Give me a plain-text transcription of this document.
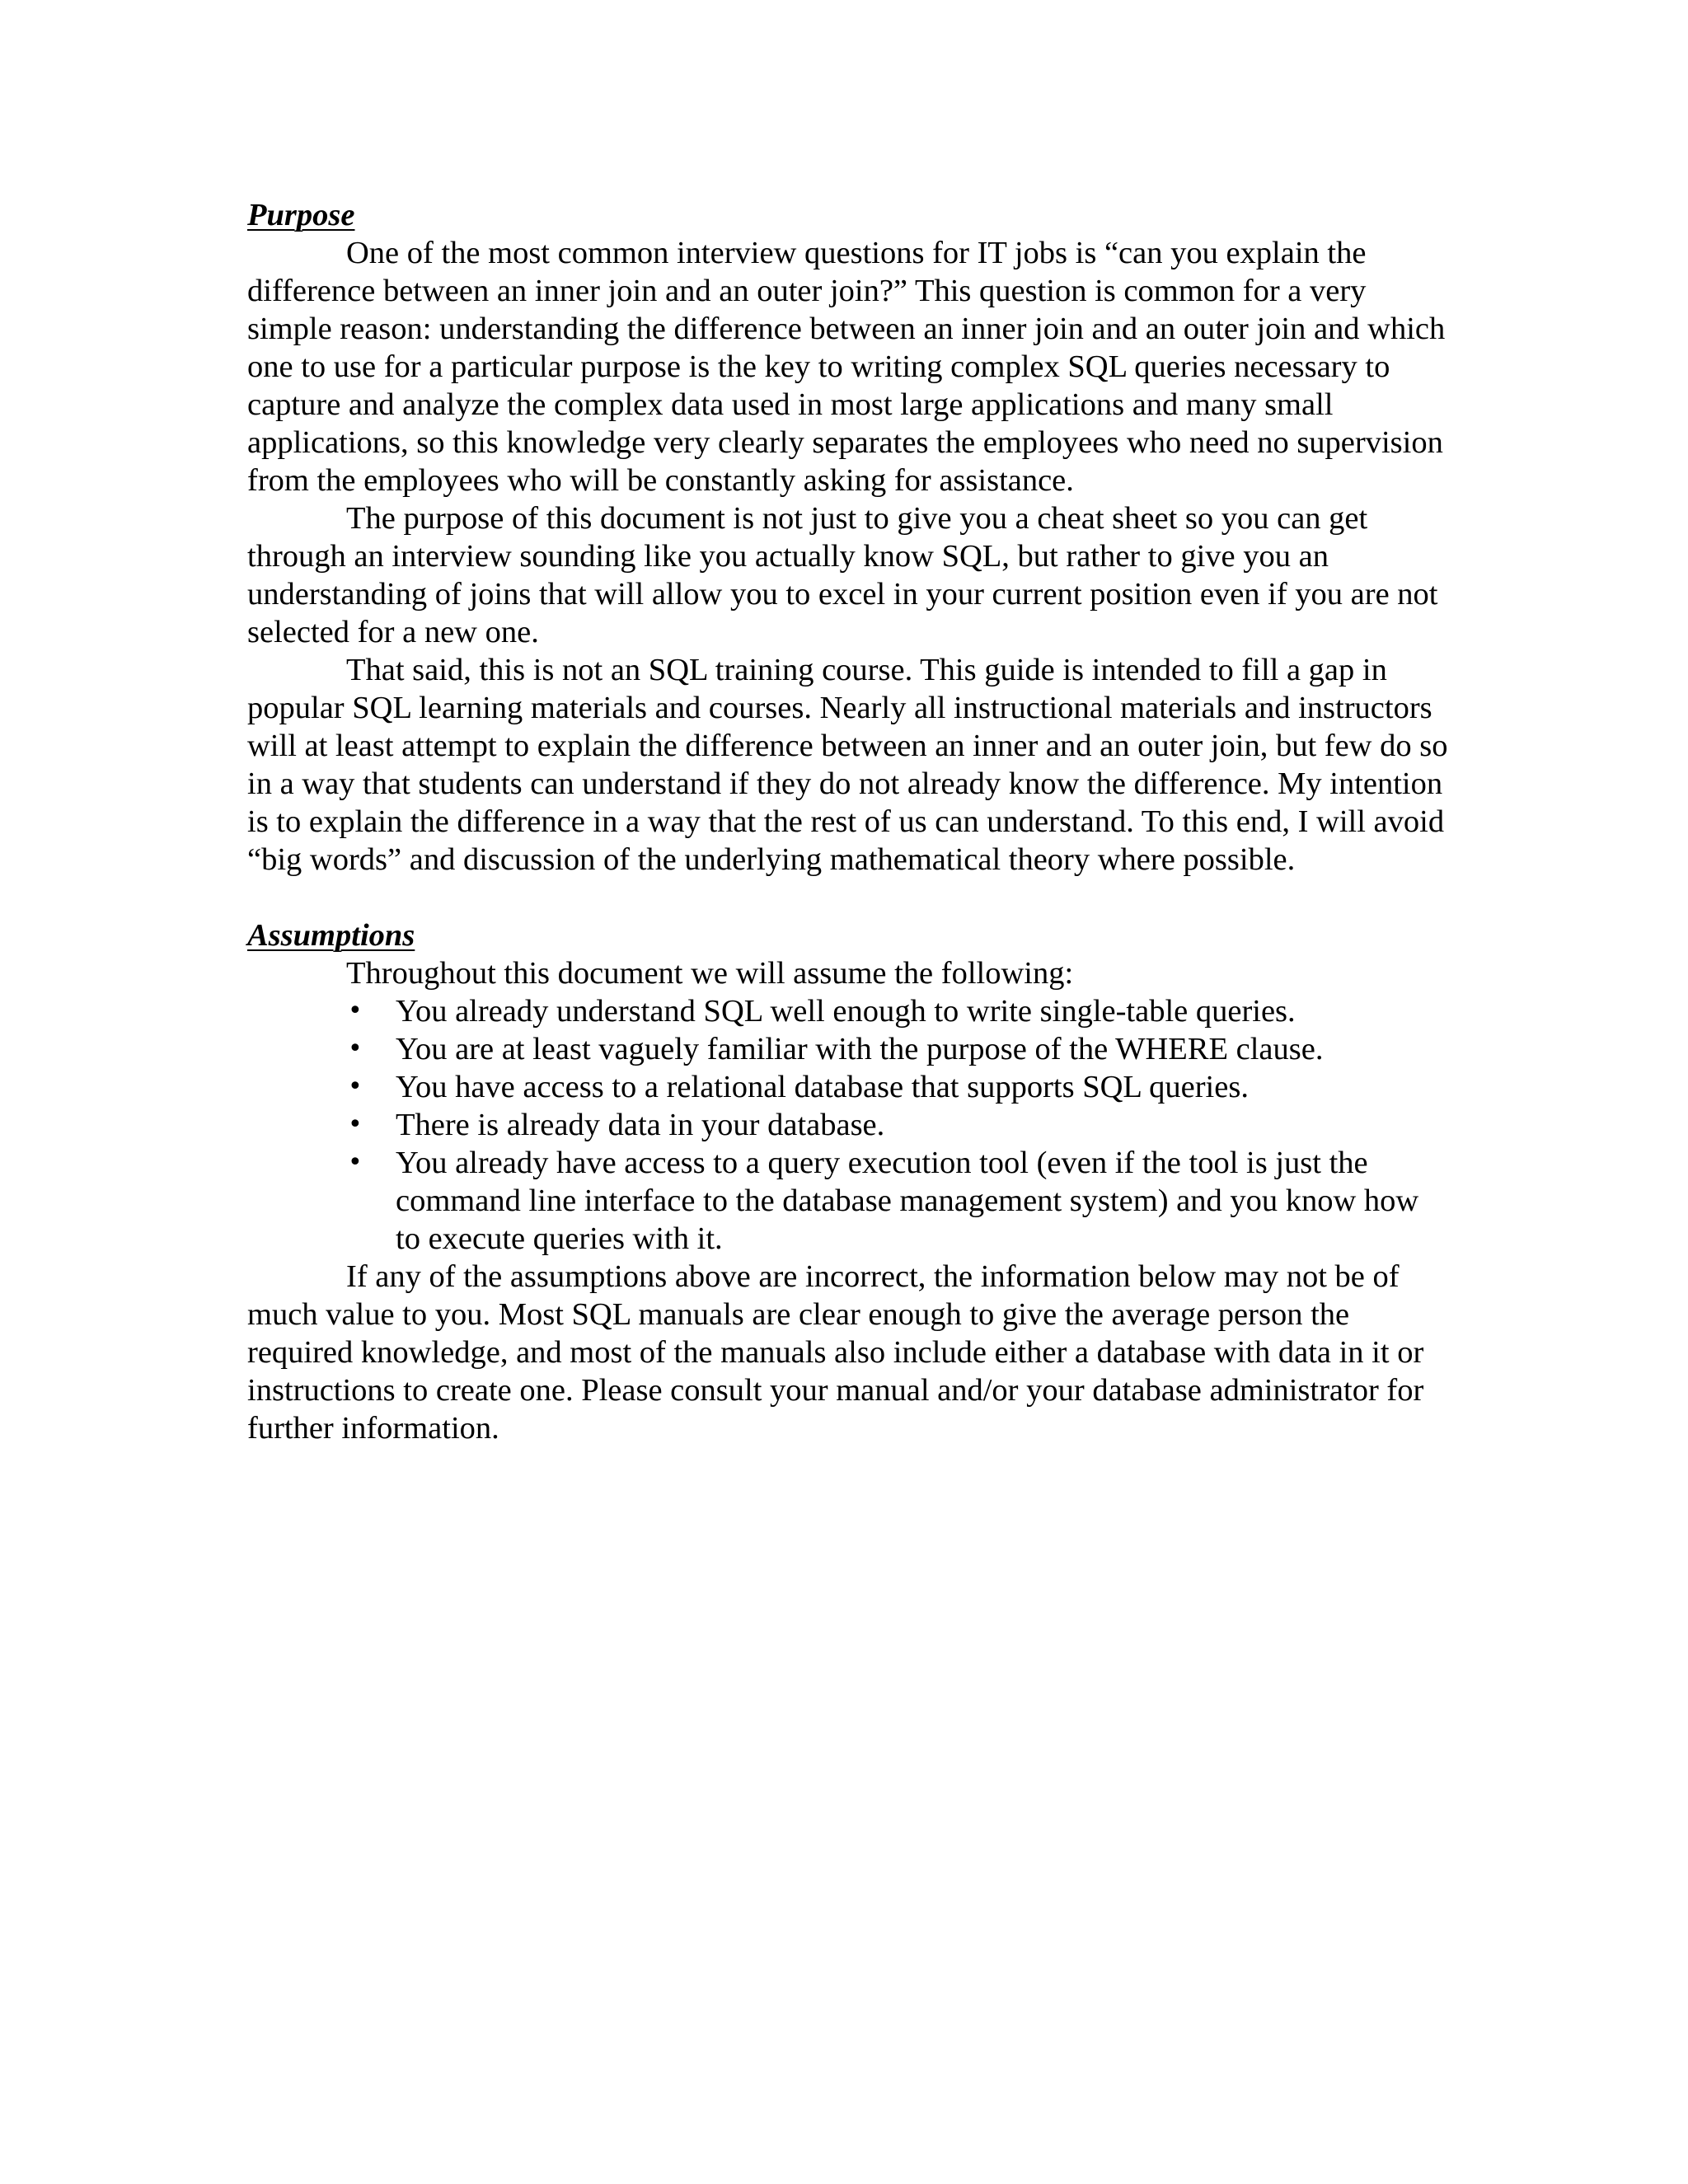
Purpose

One of the most common interview questions for IT jobs is “can you explain the difference between an inner join and an outer join?” This question is common for a very simple reason: understanding the difference between an inner join and an outer join and which one to use for a particular purpose is the key to writing complex SQL queries necessary to capture and analyze the complex data used in most large applications and many small applications, so this knowledge very clearly separates the employees who need no supervision from the employees who will be constantly asking for assistance.

The purpose of this document is not just to give you a cheat sheet so you can get through an interview sounding like you actually know SQL, but rather to give you an understanding of joins that will allow you to excel in your current position even if you are not selected for a new one.

That said, this is not an SQL training course. This guide is intended to fill a gap in popular SQL learning materials and courses. Nearly all instructional materials and instructors will at least attempt to explain the difference between an inner and an outer join, but few do so in a way that students can understand if they do not already know the difference. My intention is to explain the difference in a way that the rest of us can understand. To this end, I will avoid “big words” and discussion of the underlying mathematical theory where possible.

Assumptions

Throughout this document we will assume the following:

• You already understand SQL well enough to write single-table queries.
• You are at least vaguely familiar with the purpose of the WHERE clause.
• You have access to a relational database that supports SQL queries.
• There is already data in your database.
• You already have access to a query execution tool (even if the tool is just the command line interface to the database management system) and you know how to execute queries with it.

If any of the assumptions above are incorrect, the information below may not be of much value to you. Most SQL manuals are clear enough to give the average person the required knowledge, and most of the manuals also include either a database with data in it or instructions to create one. Please consult your manual and/or your database administrator for further information.
